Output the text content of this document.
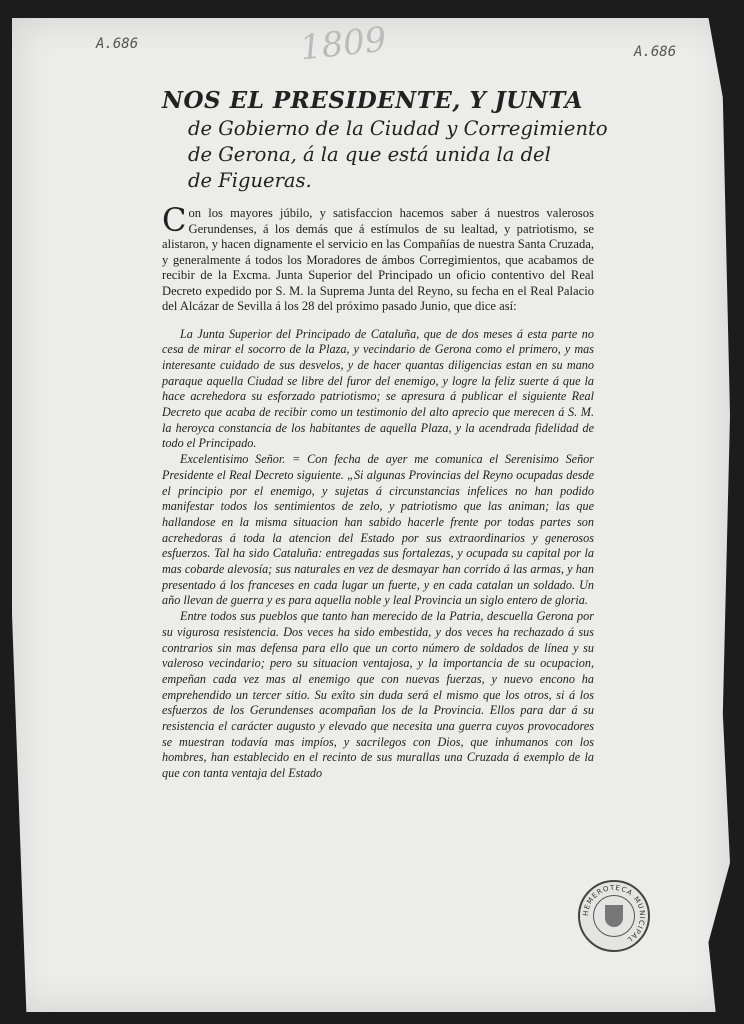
A.686	A.686
1809
NOS EL PRESIDENTE, Y JUNTA
de Gobierno de la Ciudad y Corregimiento
de Gerona, á la que está unida la del
de Figueras.

Con los mayores júbilo, y satisfaccion hacemos saber á nuestros valerosos Gerundenses, á los demás que á estímulos de su lealtad, y patriotismo, se alistaron, y hacen dignamente el servicio en las Compañías de nuestra Santa Cruzada, y generalmente á todos los Moradores de ámbos Corregimientos, que acabamos de recibir de la Excma. Junta Superior del Principado un oficio contentivo del Real Decreto expedido por S. M. la Suprema Junta del Reyno, su fecha en el Real Palacio del Alcázar de Sevilla á los 28 del próximo pasado Junio, que dice así:

La Junta Superior del Principado de Cataluña, que de dos meses á esta parte no cesa de mirar el socorro de la Plaza, y vecindario de Gerona como el primero, y mas interesante cuidado de sus desvelos, y de hacer quantas diligencias estan en su mano paraque aquella Ciudad se libre del furor del enemigo, y logre la feliz suerte á que la hace acrehedora su esforzado patriotismo; se apresura á publicar el siguiente Real Decreto que acaba de recibir como un testimonio del alto aprecio que merecen á S. M. la heroyca constancia de los habitantes de aquella Plaza, y la acendrada fidelidad de todo el Principado.

Excelentisimo Señor. = Con fecha de ayer me comunica el Serenisimo Señor Presidente el Real Decreto siguiente. „Si algunas Provincias del Reyno ocupadas desde el principio por el enemigo, y sujetas á circunstancias infelices no han podido manifestar todos los sentimientos de zelo, y patriotismo que las animan; las que hallandose en la misma situacion han sabido hacerle frente por todas partes son acrehedoras á toda la atencion del Estado por sus extraordinarios y generosos esfuerzos. Tal ha sido Cataluña: entregadas sus fortalezas, y ocupada su capital por la mas cobarde alevosía; sus naturales en vez de desmayar han corrido á las armas, y han presentado á los franceses en cada lugar un fuerte, y en cada catalan un soldado. Un año llevan de guerra y es para aquella noble y leal Provincia un siglo entero de gloria.

Entre todos sus pueblos que tanto han merecido de la Patria, descuella Gerona por su vigurosa resistencia. Dos veces ha sido embestida, y dos veces ha rechazado á sus contrarios sin mas defensa para ello que un corto número de soldados de línea y su valeroso vecindario; pero su situacion ventajosa, y la importancia de su ocupacion, empeñan cada vez mas al enemigo que con nuevas fuerzas, y nuevo encono ha emprehendido un tercer sitio. Su exîto sin duda será el mismo que los otros, si á los esfuerzos de los Gerundenses acompañan los de la Provincia. Ellos para dar á su resistencia el carácter augusto y elevado que necesita una guerra cuyos provocadores se muestran todavía mas impíos, y sacrilegos con Dios, que inhumanos con los hombres, han establecido en el recinto de sus murallas una Cruzada á exemplo de la que con tanta ventaja del Estado

HEMEROTECA MUNICIPAL
